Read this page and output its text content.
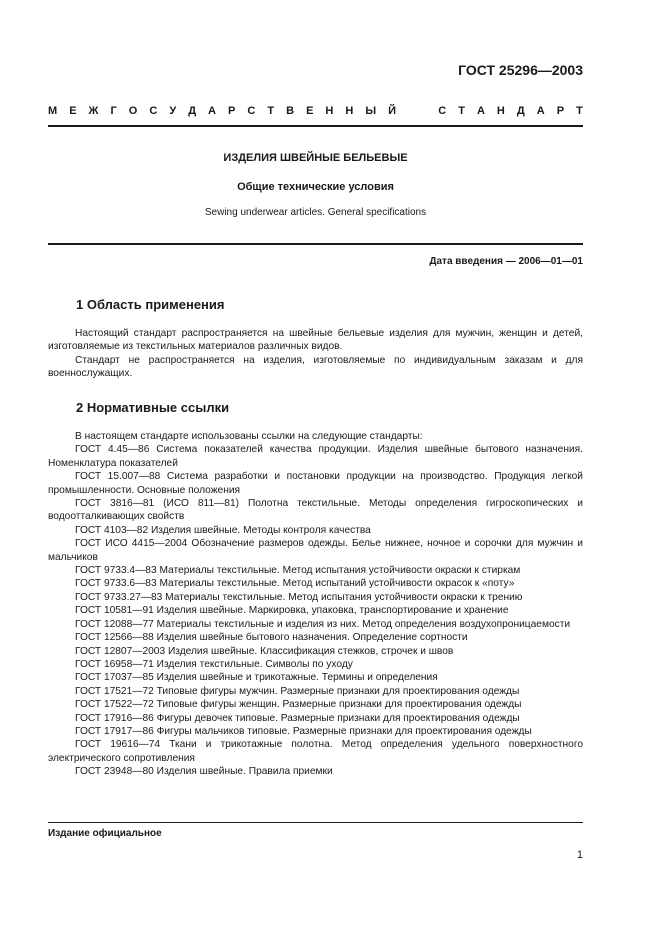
ГОСТ 25296—2003
М Е Ж Г О С У Д А Р С Т В Е Н Н Ы Й

	С Т А Н Д А Р Т
ИЗДЕЛИЯ ШВЕЙНЫЕ БЕЛЬЕВЫЕ
Общие технические условия
Sewing underwear articles. General specifications
Дата введения — 2006—01—01
1 Область применения

Настоящий стандарт распространяется на швейные бельевые изделия для мужчин, женщин и детей, изготовляемые из текстильных материалов различных видов.

Стандарт не распространяется на изделия, изготовляемые по индивидуальным заказам и для военнослужащих.

2 Нормативные ссылки

В настоящем стандарте использованы ссылки на следующие стандарты:

ГОСТ 4.45—86 Система показателей качества продукции. Изделия швейные бытового назначения. Номенклатура показателей

ГОСТ 15.007—88 Система разработки и постановки продукции на производство. Продукция легкой промышленности. Основные положения

ГОСТ 3816—81 (ИСО 811—81) Полотна текстильные. Методы определения гигроскопических и водоотталкивающих свойств

ГОСТ 4103—82 Изделия швейные. Методы контроля качества

ГОСТ ИСО 4415—2004 Обозначение размеров одежды. Белье нижнее, ночное и сорочки для мужчин и мальчиков

ГОСТ 9733.4—83 Материалы текстильные. Метод испытания устойчивости окраски к стиркам

ГОСТ 9733.6—83 Материалы текстильные. Метод испытаний устойчивости окрасок к «поту»

ГОСТ 9733.27—83 Материалы текстильные. Метод испытания устойчивости окраски к трению

ГОСТ 10581—91 Изделия швейные. Маркировка, упаковка, транспортирование и хранение

ГОСТ 12088—77 Материалы текстильные и изделия из них. Метод определения воздухопроницаемости

ГОСТ 12566—88 Изделия швейные бытового назначения. Определение сортности

ГОСТ 12807—2003 Изделия швейные. Классификация стежков, строчек и швов

ГОСТ 16958—71 Изделия текстильные. Символы по уходу

ГОСТ 17037—85 Изделия швейные и трикотажные. Термины и определения

ГОСТ 17521—72 Типовые фигуры мужчин. Размерные признаки для проектирования одежды

ГОСТ 17522—72 Типовые фигуры женщин. Размерные признаки для проектирования одежды

ГОСТ 17916—86 Фигуры девочек типовые. Размерные признаки для проектирования одежды

ГОСТ 17917—86 Фигуры мальчиков типовые. Размерные признаки для проектирования одежды

ГОСТ 19616—74 Ткани и трикотажные полотна. Метод определения удельного поверхностного электрического сопротивления

ГОСТ 23948—80 Изделия швейные. Правила приемки

Издание официальное
1
